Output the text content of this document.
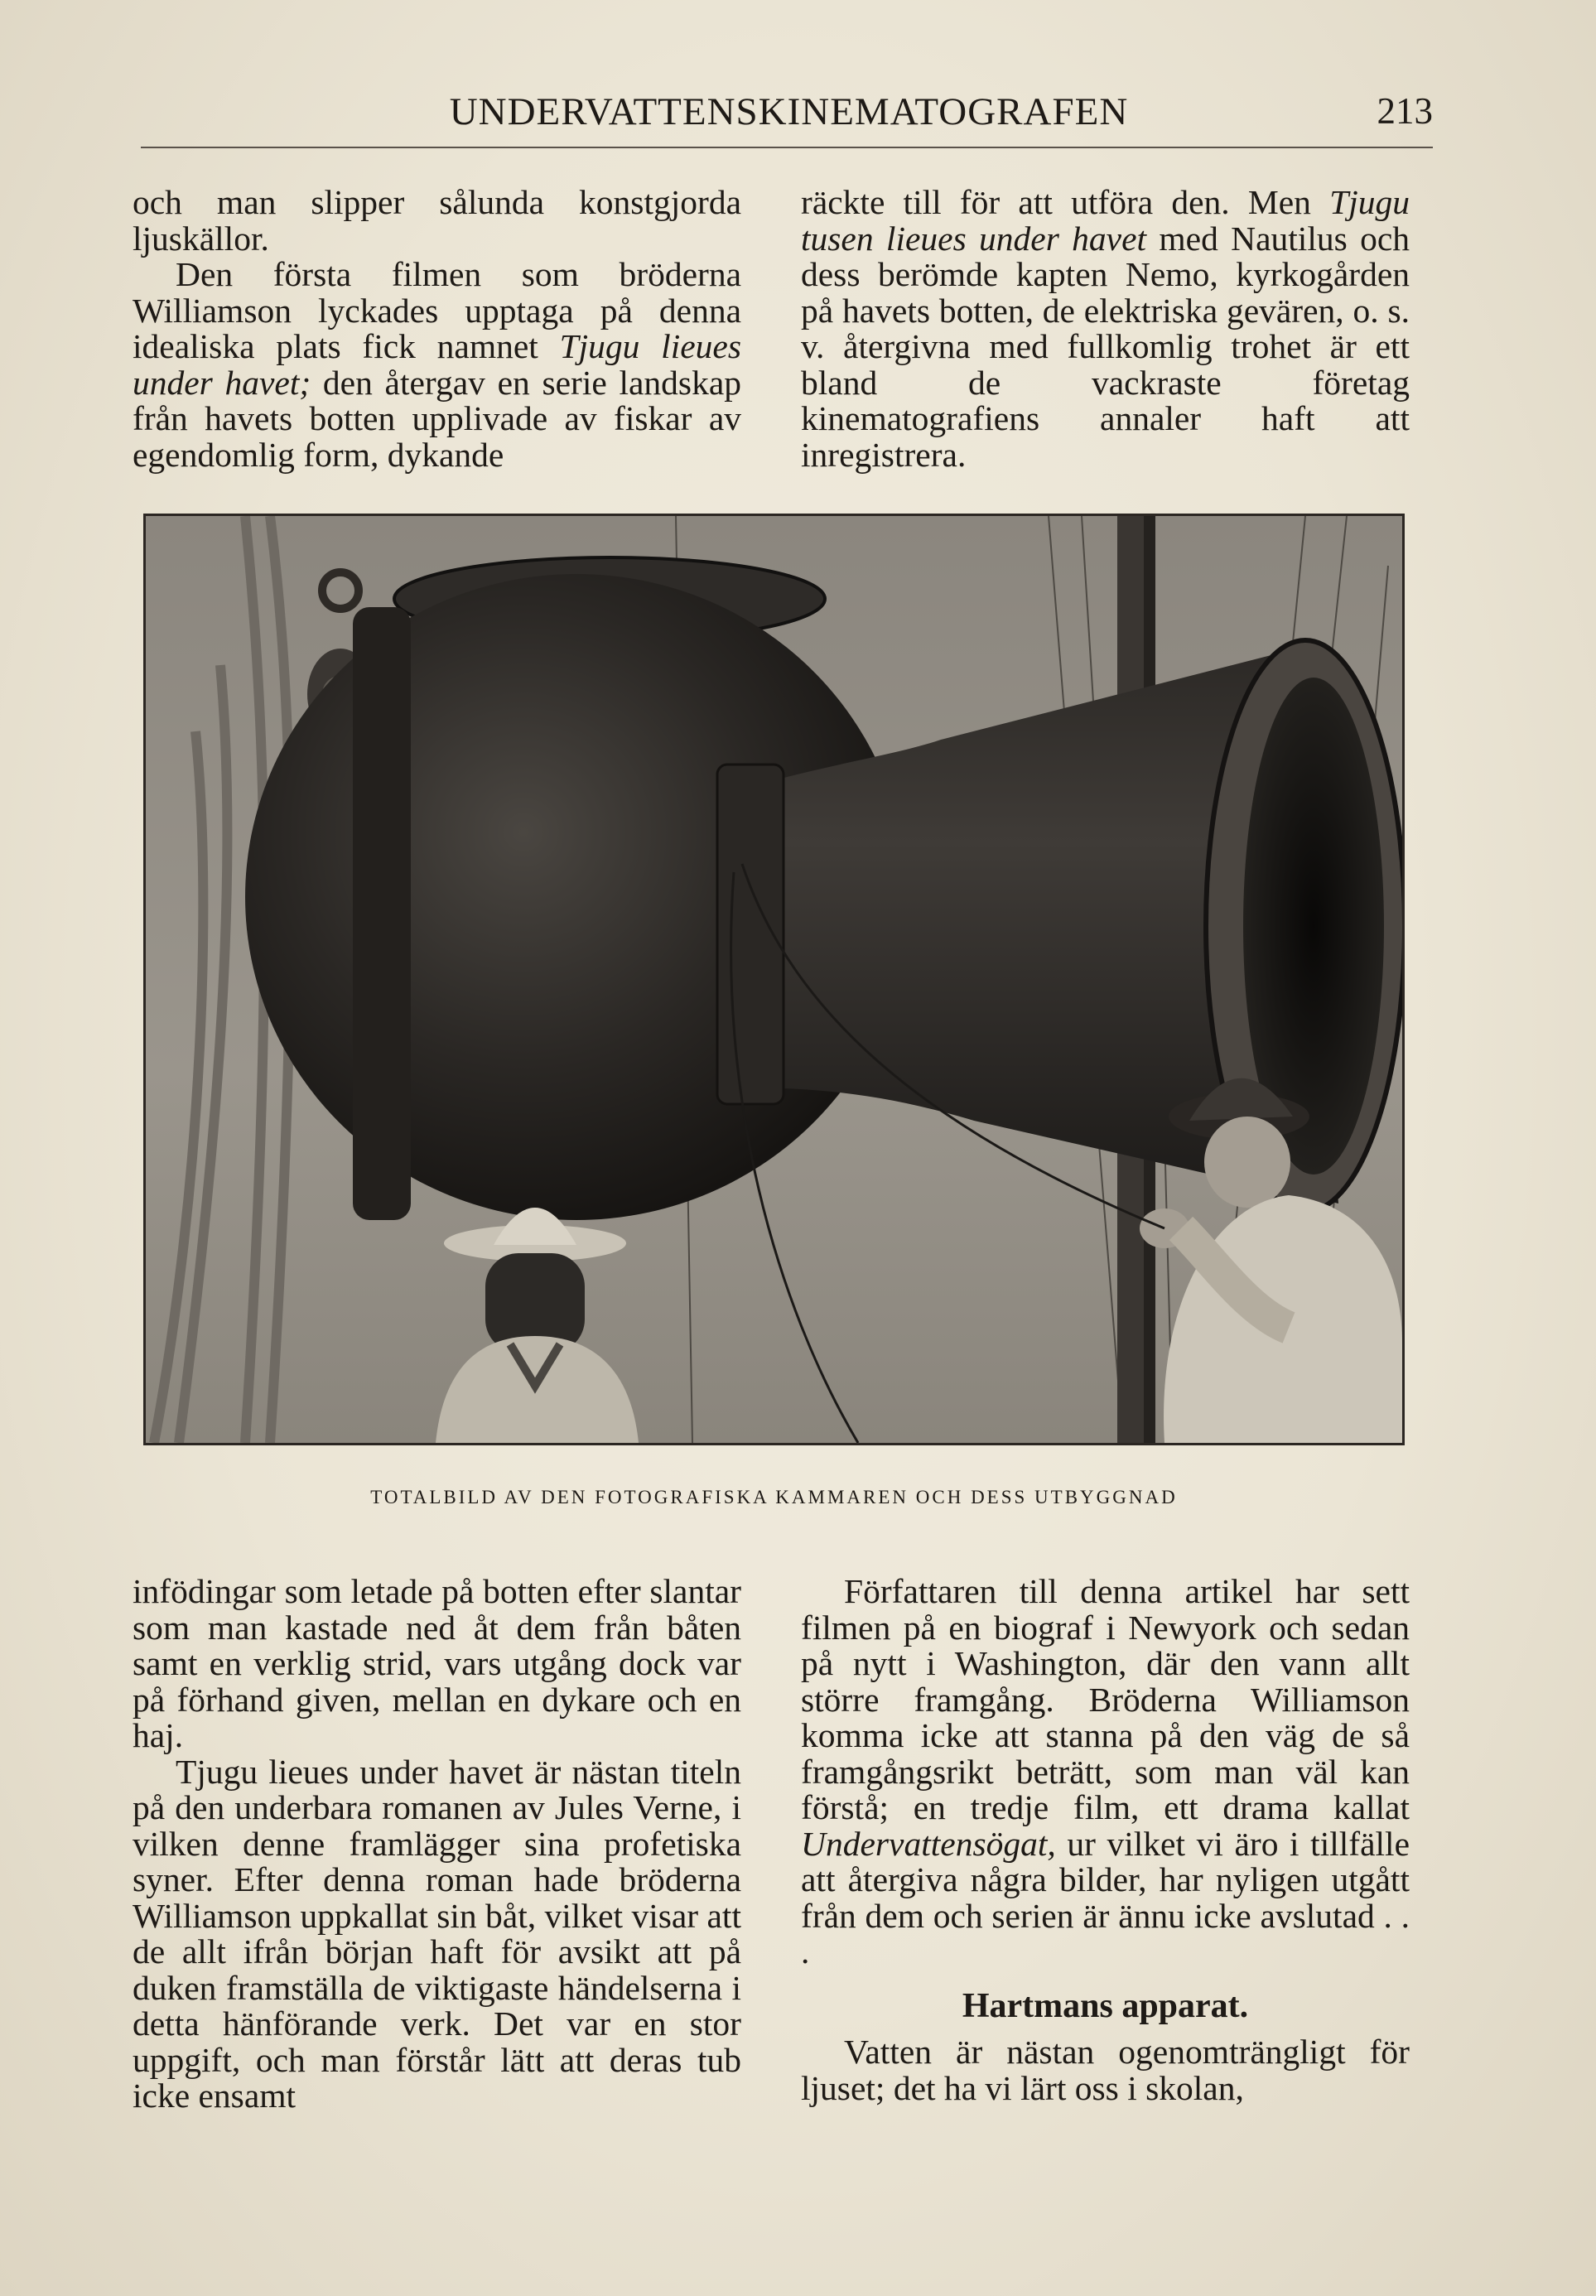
UNDERVATTENSKINEMATOGRAFEN	213

och man slipper sålunda konstgjorda ljuskällor.

Den första filmen som bröderna Williamson lyckades upptaga på denna idealiska plats fick namnet Tjugu lieues under havet; den återgav en serie landskap från havets botten upplivade av fiskar av egendomlig form, dykande

räckte till för att utföra den. Men Tjugu tusen lieues under havet med Nautilus och dess berömde kapten Nemo, kyrkogården på havets botten, de elektriska gevären, o. s. v. återgivna med fullkomlig trohet är ett bland de vackraste företag kinematografiens annaler haft att inregistrera.

TOTALBILD AV DEN FOTOGRAFISKA KAMMAREN OCH DESS UTBYGGNAD

infödingar som letade på botten efter slantar som man kastade ned åt dem från båten samt en verklig strid, vars utgång dock var på förhand given, mellan en dykare och en haj.

Tjugu lieues under havet är nästan titeln på den underbara romanen av Jules Verne, i vilken denne framlägger sina profetiska syner. Efter denna roman hade bröderna Williamson uppkallat sin båt, vilket visar att de allt ifrån början haft för avsikt att på duken framställa de viktigaste händelserna i detta hänförande verk. Det var en stor uppgift, och man förstår lätt att deras tub icke ensamt

Författaren till denna artikel har sett filmen på en biograf i Newyork och sedan på nytt i Washington, där den vann allt större framgång. Bröderna Williamson komma icke att stanna på den väg de så framgångsrikt beträtt, som man väl kan förstå; en tredje film, ett drama kallat Undervattensögat, ur vilket vi äro i tillfälle att återgiva några bilder, har nyligen utgått från dem och serien är ännu icke avslutad . . .

Hartmans apparat.

Vatten är nästan ogenomträngligt för ljuset; det ha vi lärt oss i skolan,
